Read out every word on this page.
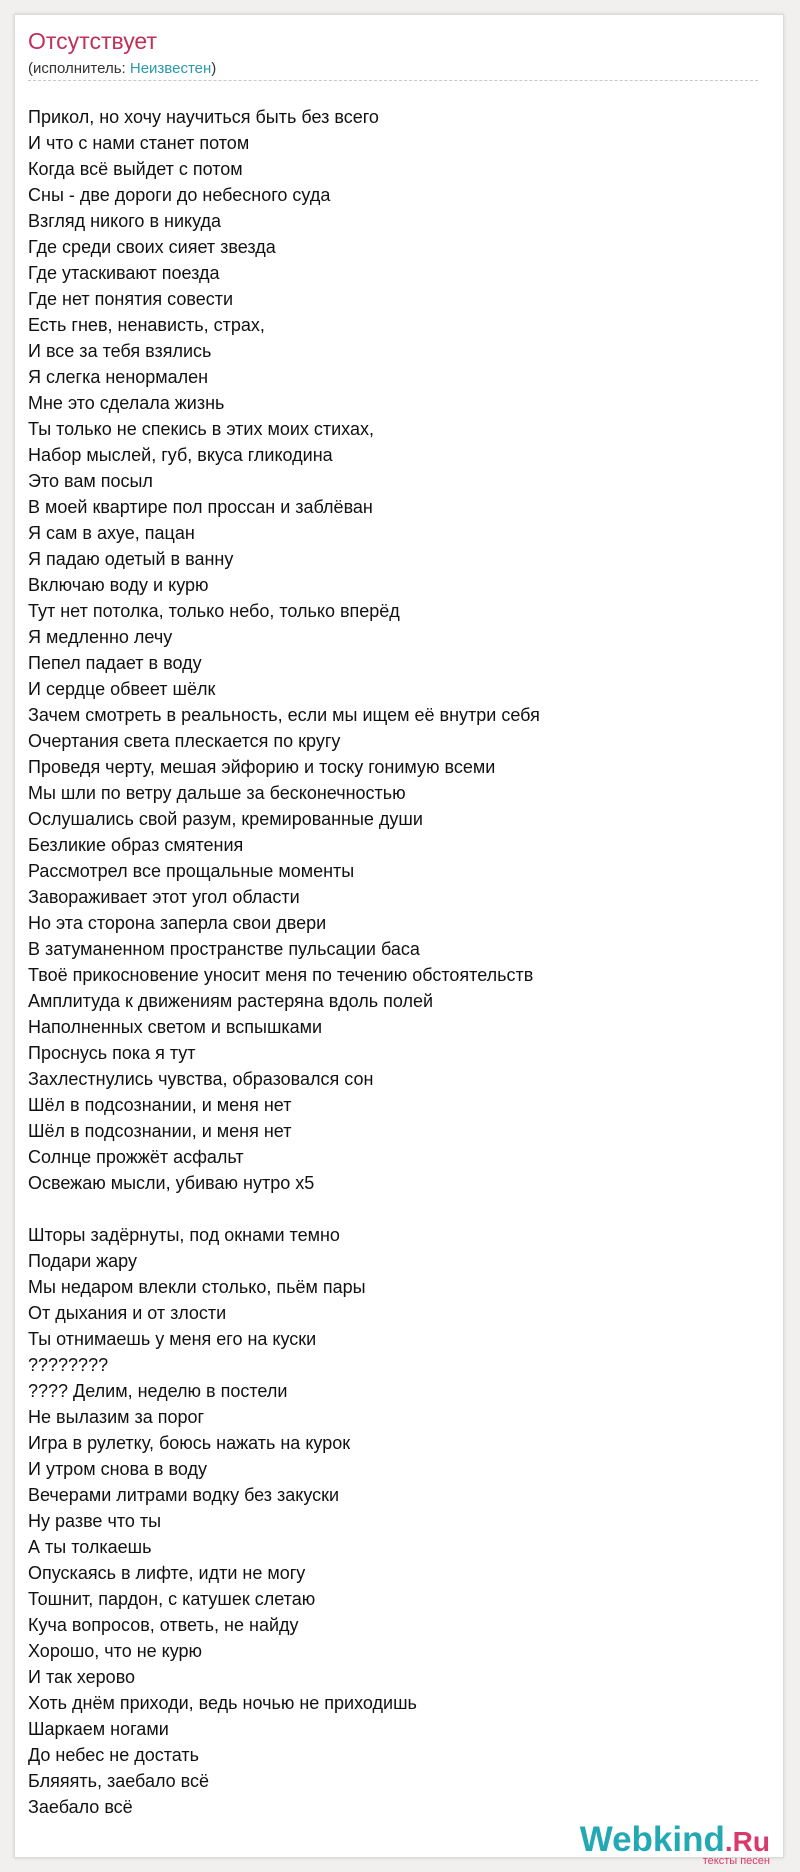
Отсутствует
(исполнитель: Неизвестен)
Прикол, но хочу научиться быть без всего
И что с нами станет потом
Когда всё выйдет с потом
Сны - две дороги до небесного суда
Взгляд никого в никуда
Где среди своих сияет звезда
Где утаскивают поезда
Где нет понятия совести
Есть гнев, ненависть, страх,
И все за тебя взялись
Я слегка ненормален
Мне это сделала жизнь
Ты только не спекись в этих моих стихах,
Набор мыслей, губ, вкуса гликодина
Это вам посыл
В моей квартире пол проссан и заблёван
Я сам в ахуе, пацан
Я падаю одетый в ванну
Включаю воду и курю
Тут нет потолка, только небо, только вперёд
Я медленно лечу
Пепел падает в воду
И сердце обвеет шёлк
Зачем смотреть в реальность, если мы ищем её внутри себя
Очертания света плескается по кругу
Проведя черту, мешая эйфорию и тоску гонимую всеми
Мы шли по ветру дальше за бесконечностью
Ослушались свой разум, кремированные души
Безликие образ смятения
Рассмотрел все прощальные моменты
Завораживает этот угол области
Но эта сторона заперла свои двери
В затуманенном пространстве пульсации баса
Твоё прикосновение уносит меня по течению обстоятельств
Амплитуда к движениям растеряна вдоль полей
Наполненных светом и вспышками
Проснусь пока я тут
Захлестнулись чувства, образовался сон
Шёл в подсознании, и меня нет
Шёл в подсознании, и меня нет
Солнце прожжёт асфальт
Освежаю мысли, убиваю нутро x5
Шторы задёрнуты, под окнами темно
Подари жару
Мы недаром влекли столько, пьём пары
От дыхания и от злости
Ты отнимаешь у меня его на куски
????????
???? Делим, неделю в постели
Не вылазим за порог
Игра в рулетку, боюсь нажать на курок
И утром снова в воду
Вечерами литрами водку без закуски
Ну разве что ты
А ты толкаешь
Опускаясь в лифте, идти не могу
Тошнит, пардон, с катушек слетаю
Куча вопросов, ответь, не найду
Хорошо, что не курю
И так херово
Хоть днём приходи, ведь ночью не приходишь
Шаркаем ногами
До небес не достать
Бляяять, заебало всё
Заебало всё
Webkind.Ru
тексты песен
